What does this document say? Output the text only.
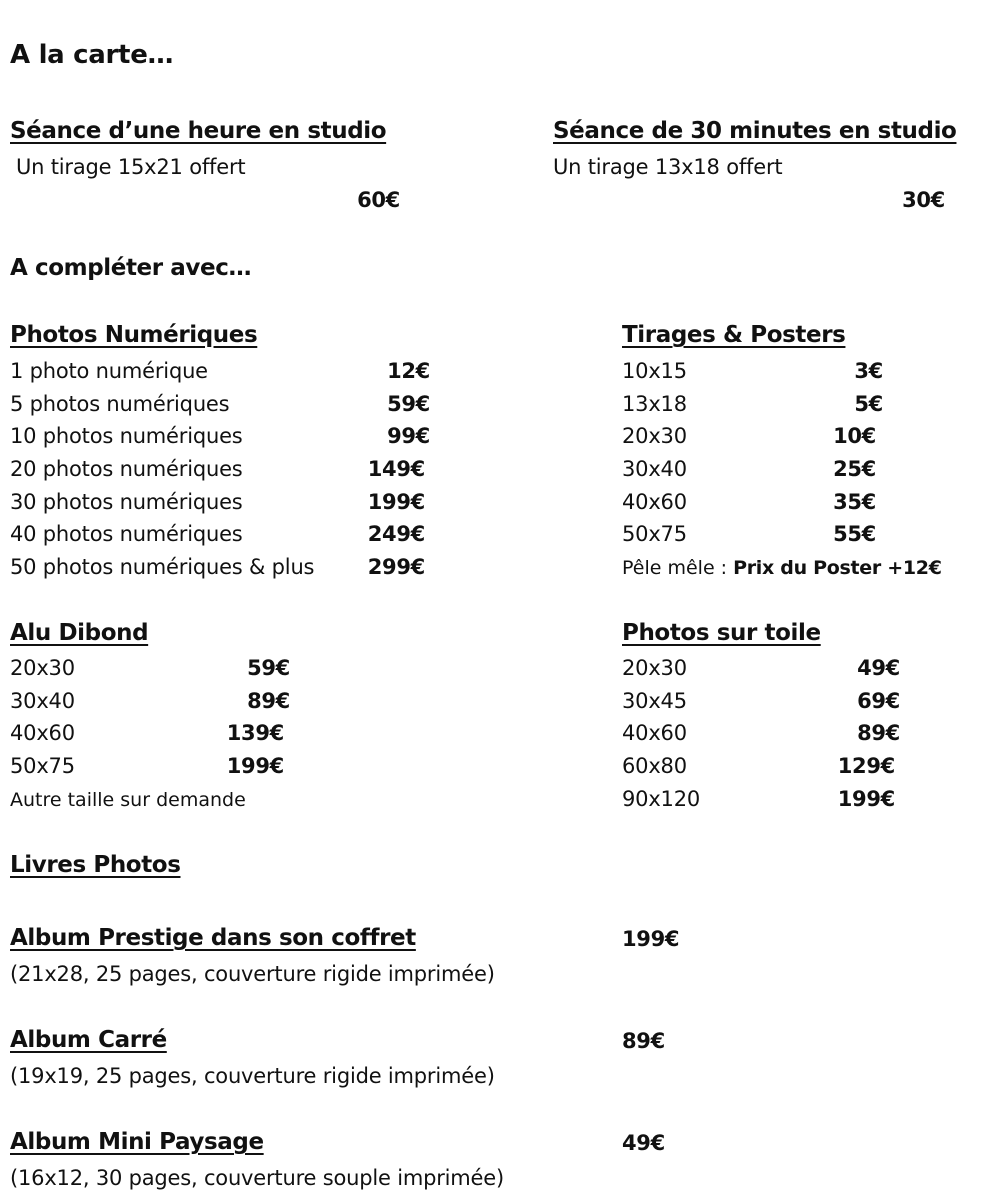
A la carte…
Séance d’une heure en studio
Un tirage 15x21 offert
60€
Séance de 30 minutes en studio
Un tirage 13x18 offert
30€
A compléter avec…
Photos Numériques
1 photo numérique	12€
5 photos numériques	59€
10 photos numériques	99€
20 photos numériques	149€
30 photos numériques	199€
40 photos numériques	249€
50 photos numériques & plus	299€
Tirages & Posters
10x15	3€
13x18	5€
20x30	10€
30x40	25€
40x60	35€
50x75	55€
Pêle mêle : Prix du Poster +12€
Alu Dibond
20x30	59€
30x40	89€
40x60	139€
50x75	199€
Autre taille sur demande
Photos sur toile
20x30	49€
30x45	69€
40x60	89€
60x80	129€
90x120	199€
Livres Photos
Album Prestige dans son coffret	199€
(21x28, 25 pages, couverture rigide imprimée)
Album Carré	89€
(19x19, 25 pages, couverture rigide imprimée)
Album Mini Paysage	49€
(16x12, 30 pages, couverture souple imprimée)
